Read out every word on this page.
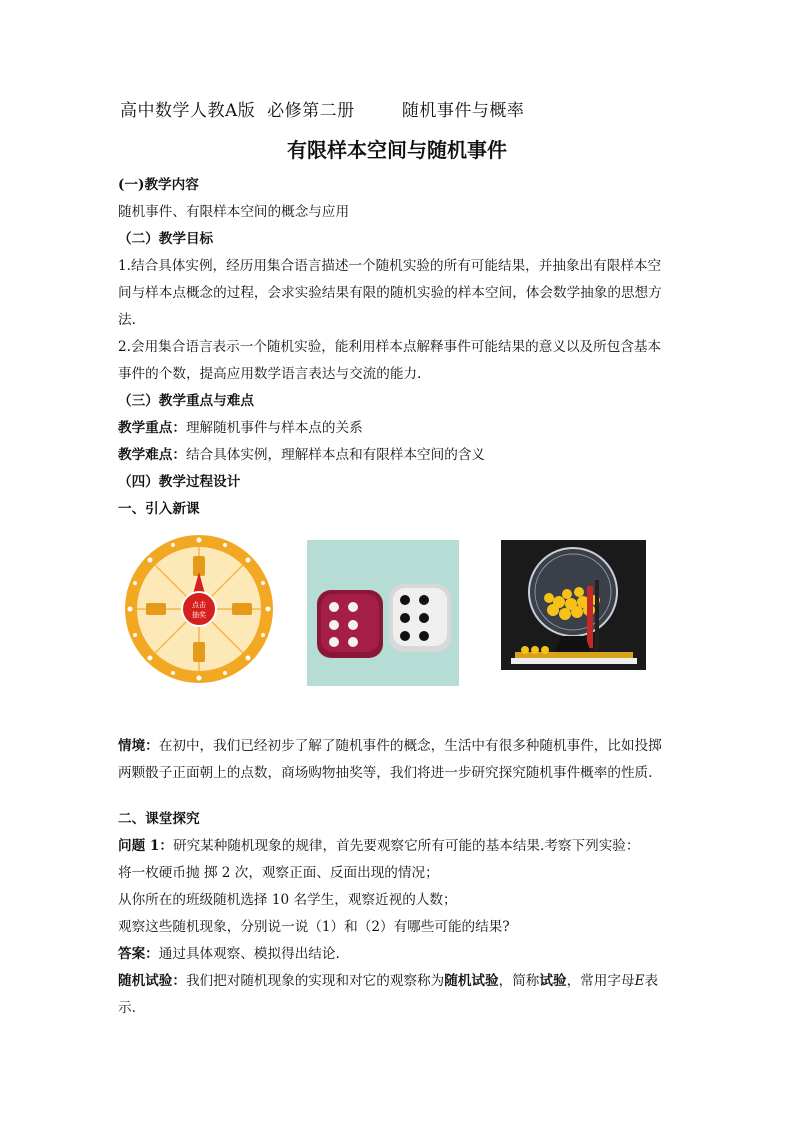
高中数学人教A版  必修第二册        随机事件与概率
有限样本空间与随机事件
(一)教学内容
随机事件、有限样本空间的概念与应用
（二）教学目标
1.结合具体实例，经历用集合语言描述一个随机实验的所有可能结果，并抽象出有限样本空
间与样本点概念的过程，会求实验结果有限的随机实验的样本空间，体会数学抽象的思想方
法.
2.会用集合语言表示一个随机实验，能利用样本点解释事件可能结果的意义以及所包含基本
事件的个数，提高应用数学语言表达与交流的能力.
（三）教学重点与难点
教学重点：理解随机事件与样本点的关系
教学难点：结合具体实例，理解样本点和有限样本空间的含义
（四）教学过程设计
一、引入新课
点击
抽奖
情境：在初中，我们已经初步了解了随机事件的概念，生活中有很多种随机事件，比如投掷
两颗骰子正面朝上的点数，商场购物抽奖等，我们将进一步研究探究随机事件概率的性质.
二、课堂探究
问题 1：研究某种随机现象的规律，首先要观察它所有可能的基本结果.考察下列实验：
将一枚硬币抛 掷 2 次，观察正面、反面出现的情况；
从你所在的班级随机选择 10 名学生，观察近视的人数；
观察这些随机现象，分别说一说（1）和（2）有哪些可能的结果?
答案：通过具体观察、模拟得出结论.
随机试验：我们把对随机现象的实现和对它的观察称为随机试验，简称试验，常用字母E表
示.
